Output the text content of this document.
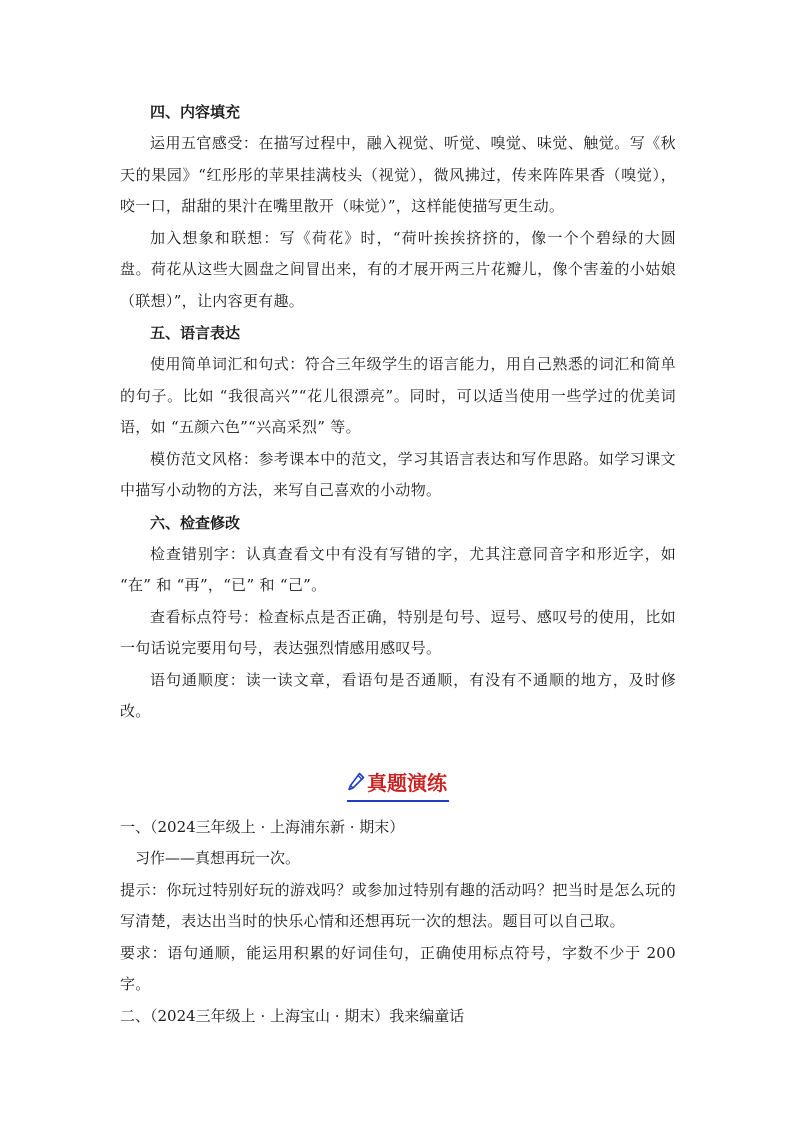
四、内容填充

运用五官感受：在描写过程中，融入视觉、听觉、嗅觉、味觉、触觉。写《秋天的果园》“红彤彤的苹果挂满枝头（视觉），微风拂过，传来阵阵果香（嗅觉），咬一口，甜甜的果汁在嘴里散开（味觉）”，这样能使描写更生动。

加入想象和联想：写《荷花》时，“荷叶挨挨挤挤的，像一个个碧绿的大圆盘。荷花从这些大圆盘之间冒出来，有的才展开两三片花瓣儿，像个害羞的小姑娘（联想）”，让内容更有趣。

五、语言表达

使用简单词汇和句式：符合三年级学生的语言能力，用自己熟悉的词汇和简单的句子。比如 “我很高兴”“花儿很漂亮”。同时，可以适当使用一些学过的优美词语，如 “五颜六色”“兴高采烈” 等。

模仿范文风格：参考课本中的范文，学习其语言表达和写作思路。如学习课文中描写小动物的方法，来写自己喜欢的小动物。

六、检查修改

检查错别字：认真查看文中有没有写错的字，尤其注意同音字和形近字，如 “在” 和 “再”，“已” 和 “己”。

查看标点符号：检查标点是否正确，特别是句号、逗号、感叹号的使用，比如一句话说完要用句号，表达强烈情感用感叹号。

语句通顺度：读一读文章，看语句是否通顺，有没有不通顺的地方，及时修改。

真题演练

一、（2024三年级上 · 上海浦东新 · 期末）

习作——真想再玩一次。

提示：你玩过特别好玩的游戏吗？或参加过特别有趣的活动吗？把当时是怎么玩的写清楚，表达出当时的快乐心情和还想再玩一次的想法。题目可以自己取。

要求：语句通顺，能运用积累的好词佳句，正确使用标点符号，字数不少于 200 字。

二、（2024三年级上 · 上海宝山 · 期末）我来编童话
